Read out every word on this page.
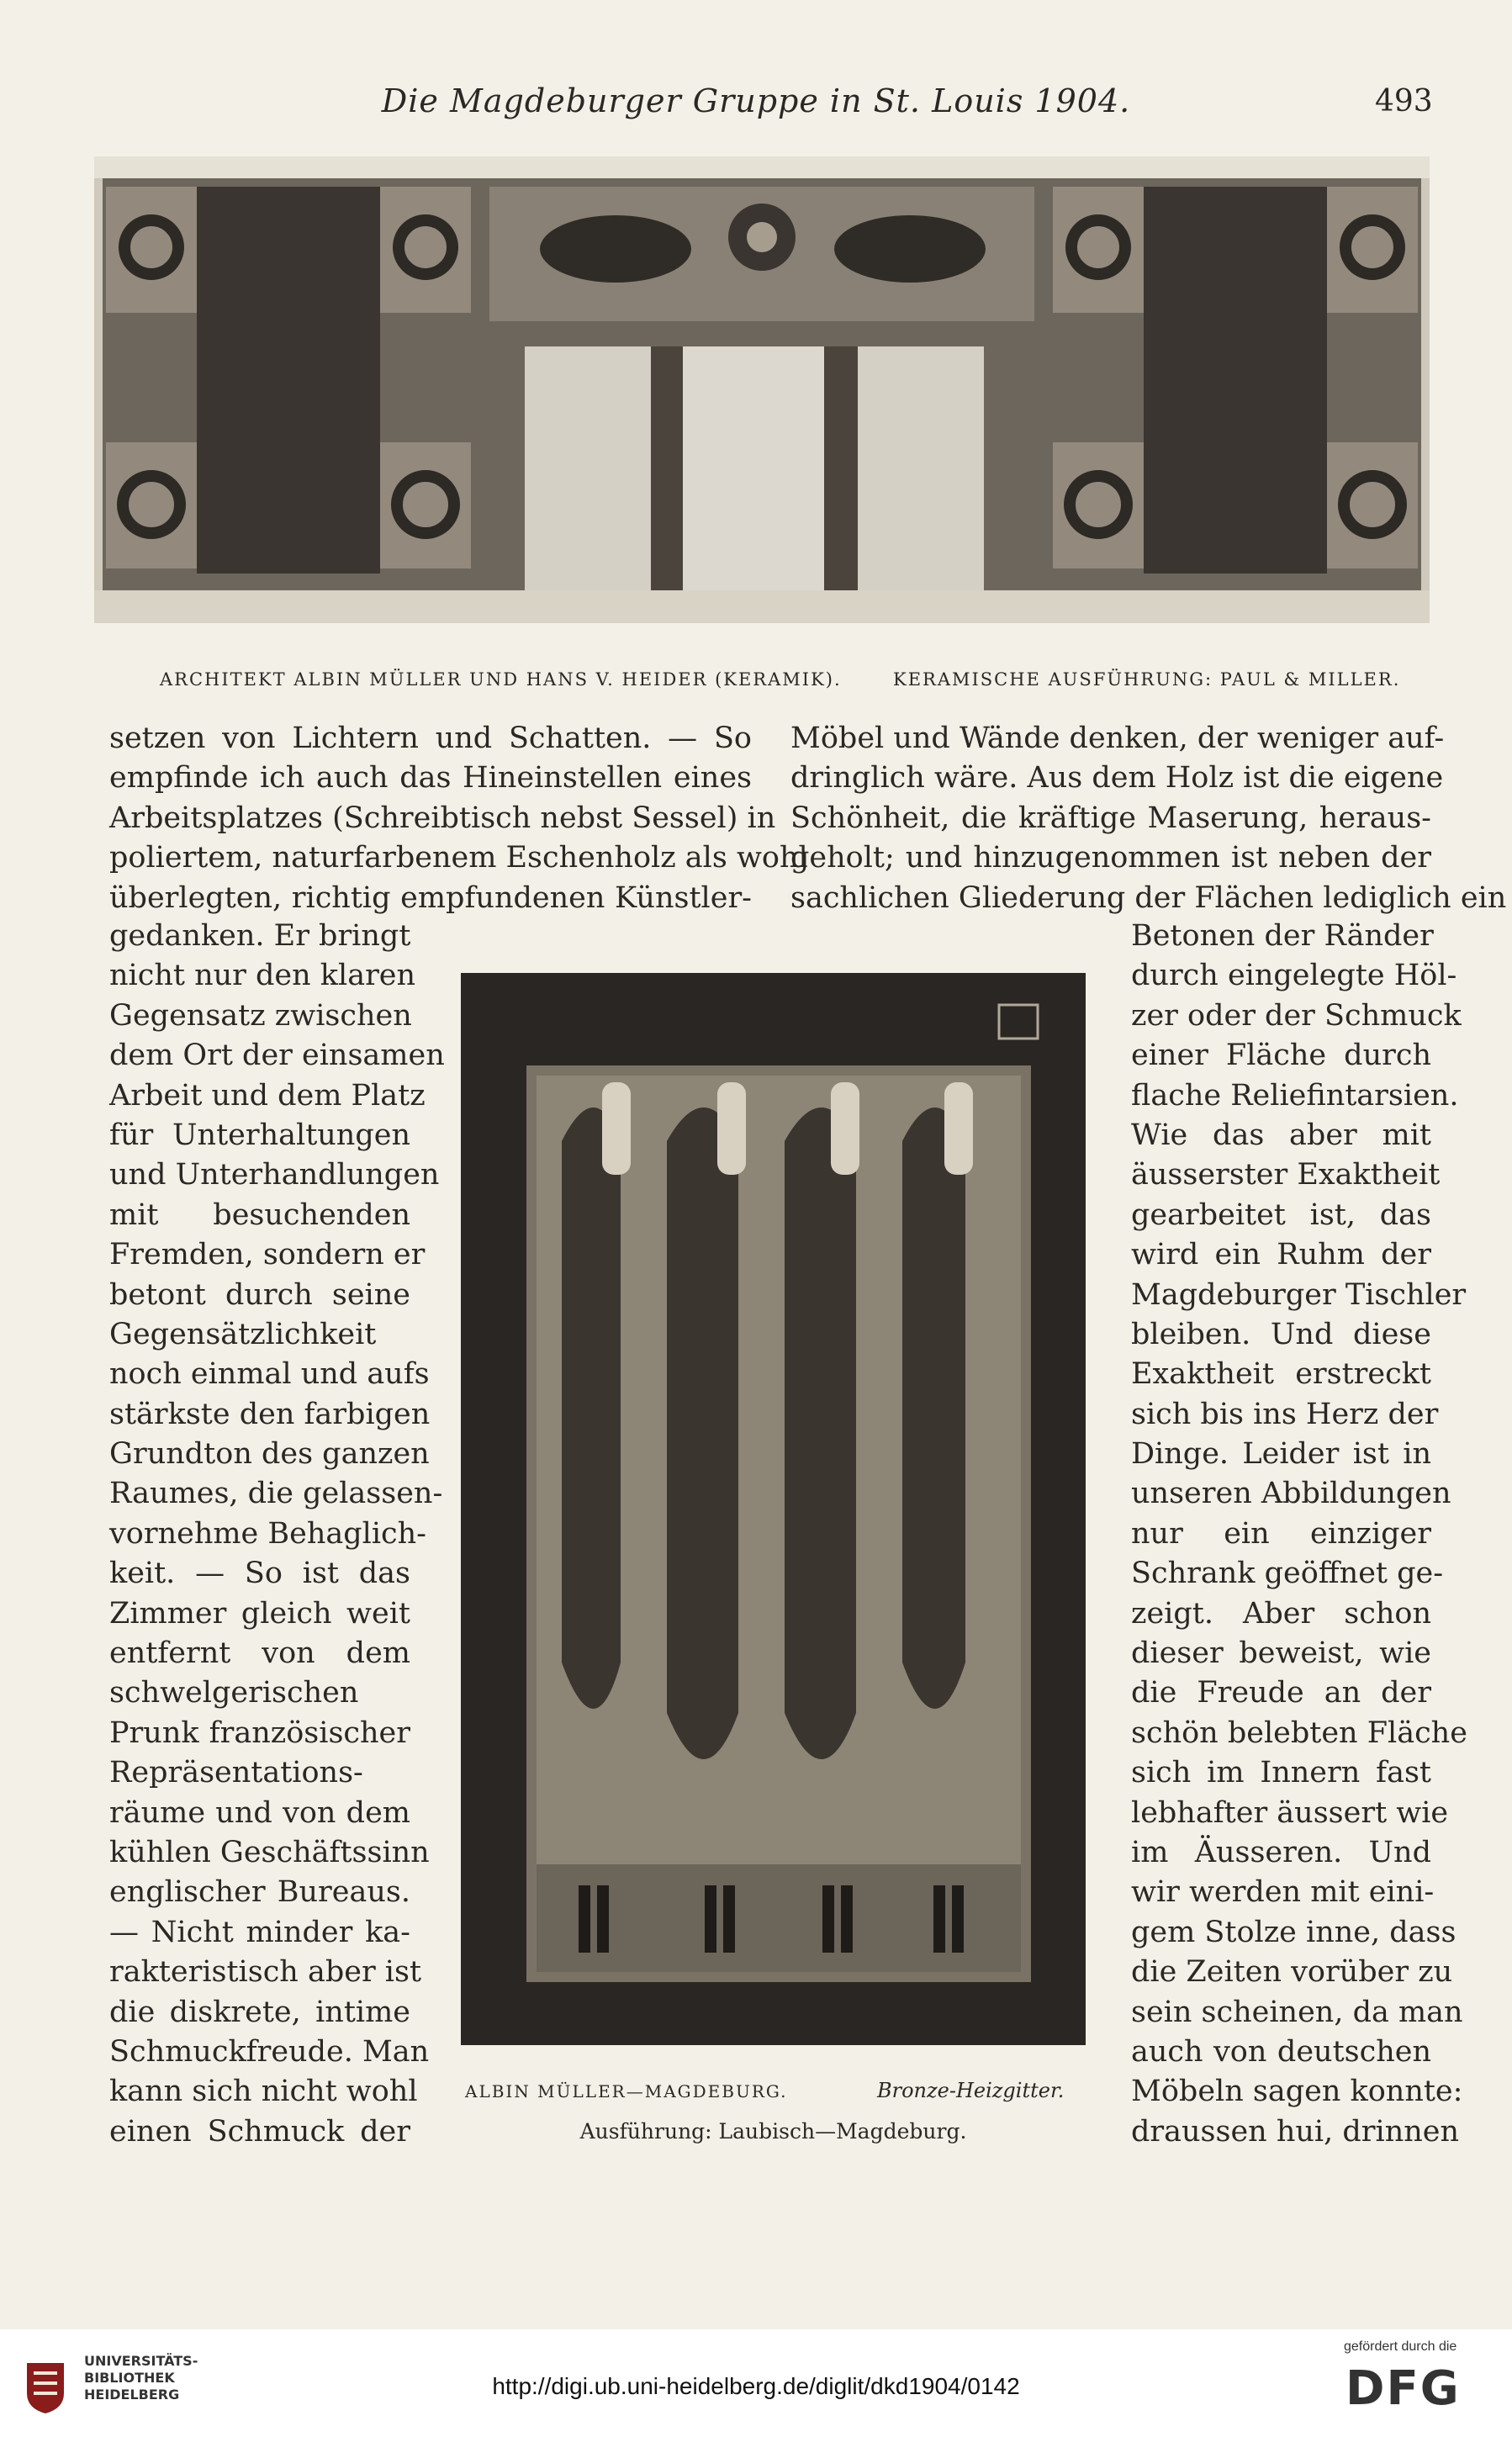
Die Magdeburger Gruppe in St. Louis 1904.	493
ARCHITEKT ALBIN MÜLLER UND HANS V. HEIDER (KERAMIK).	KERAMISCHE AUSFÜHRUNG: PAUL & MILLER.
setzen von Lichtern und Schatten. — So
empfinde ich auch das Hineinstellen eines
Arbeitsplatzes (Schreibtisch nebst Sessel) in
poliertem, naturfarbenem Eschenholz als wohl
überlegten, richtig empfundenen Künstler-
Möbel und Wände denken, der weniger auf-
dringlich wäre. Aus dem Holz ist die eigene
Schönheit, die kräftige Maserung, heraus-
geholt; und hinzugenommen ist neben der
sachlichen Gliederung der Flächen lediglich ein
gedanken. Er bringt
nicht nur den klaren
Gegensatz zwischen
dem Ort der einsamen
Arbeit und dem Platz
für Unterhaltungen
und Unterhandlungen
mit besuchenden
Fremden, sondern er
betont durch seine
Gegensätzlichkeit
noch einmal und aufs
stärkste den farbigen
Grundton des ganzen
Raumes, die gelassen-
vornehme Behaglich-
keit. — So ist das
Zimmer gleich weit
entfernt von dem
schwelgerischen
Prunk französischer
Repräsentations-
räume und von dem
kühlen Geschäftssinn
englischer Bureaus.
— Nicht minder ka-
rakteristisch aber ist
die diskrete, intime
Schmuckfreude. Man
kann sich nicht wohl
einen Schmuck der
Betonen der Ränder
durch eingelegte Höl-
zer oder der Schmuck
einer Fläche durch
flache Reliefintarsien.
Wie das aber mit
äusserster Exaktheit
gearbeitet ist, das
wird ein Ruhm der
Magdeburger Tischler
bleiben. Und diese
Exaktheit erstreckt
sich bis ins Herz der
Dinge. Leider ist in
unseren Abbildungen
nur ein einziger
Schrank geöffnet ge-
zeigt. Aber schon
dieser beweist, wie
die Freude an der
schön belebten Fläche
sich im Innern fast
lebhafter äussert wie
im Äusseren. Und
wir werden mit eini-
gem Stolze inne, dass
die Zeiten vorüber zu
sein scheinen, da man
auch von deutschen
Möbeln sagen konnte:
draussen hui, drinnen
ALBIN MÜLLER—MAGDEBURG.	Bronze-Heizgitter.
Ausführung: Laubisch—Magdeburg.
UNIVERSITÄTS-
BIBLIOTHEK
HEIDELBERG	http://digi.ub.uni-heidelberg.de/diglit/dkd1904/0142
gefördert durch die
DFG
